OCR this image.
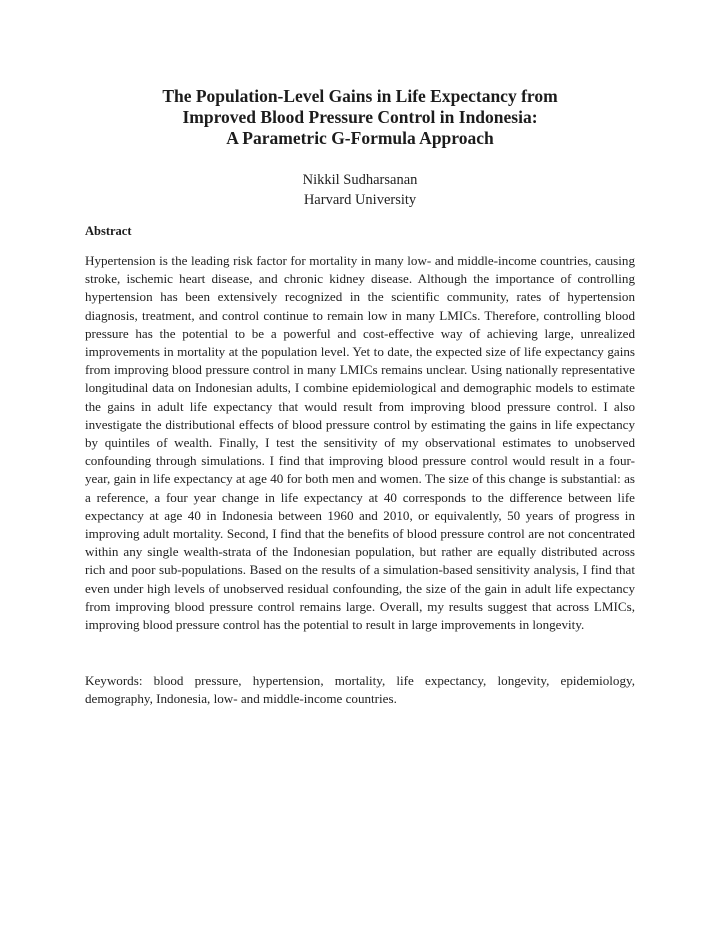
The Population-Level Gains in Life Expectancy from
Improved Blood Pressure Control in Indonesia:
A Parametric G-Formula Approach
Nikkil Sudharsanan
Harvard University
Abstract

Hypertension is the leading risk factor for mortality in many low- and middle-income countries, causing stroke, ischemic heart disease, and chronic kidney disease. Although the importance of controlling hypertension has been extensively recognized in the scientific community, rates of hypertension diagnosis, treatment, and control continue to remain low in many LMICs. Therefore, controlling blood pressure has the potential to be a powerful and cost-effective way of achieving large, unrealized improvements in mortality at the population level. Yet to date, the expected size of life expectancy gains from improving blood pressure control in many LMICs remains unclear. Using nationally representative longitudinal data on Indonesian adults, I combine epidemiological and demographic models to estimate the gains in adult life expectancy that would result from improving blood pressure control. I also investigate the distributional effects of blood pressure control by estimating the gains in life expectancy by quintiles of wealth. Finally, I test the sensitivity of my observational estimates to unobserved confounding through simulations. I find that improving blood pressure control would result in a four-year, gain in life expectancy at age 40 for both men and women. The size of this change is substantial: as a reference, a four year change in life expectancy at 40 corresponds to the difference between life expectancy at age 40 in Indonesia between 1960 and 2010, or equivalently, 50 years of progress in improving adult mortality. Second, I find that the benefits of blood pressure control are not concentrated within any single wealth-strata of the Indonesian population, but rather are equally distributed across rich and poor sub-populations. Based on the results of a simulation-based sensitivity analysis, I find that even under high levels of unobserved residual confounding, the size of the gain in adult life expectancy from improving blood pressure control remains large. Overall, my results suggest that across LMICs, improving blood pressure control has the potential to result in large improvements in longevity.

Keywords: blood pressure, hypertension, mortality, life expectancy, longevity, epidemiology, demography, Indonesia, low- and middle-income countries.
